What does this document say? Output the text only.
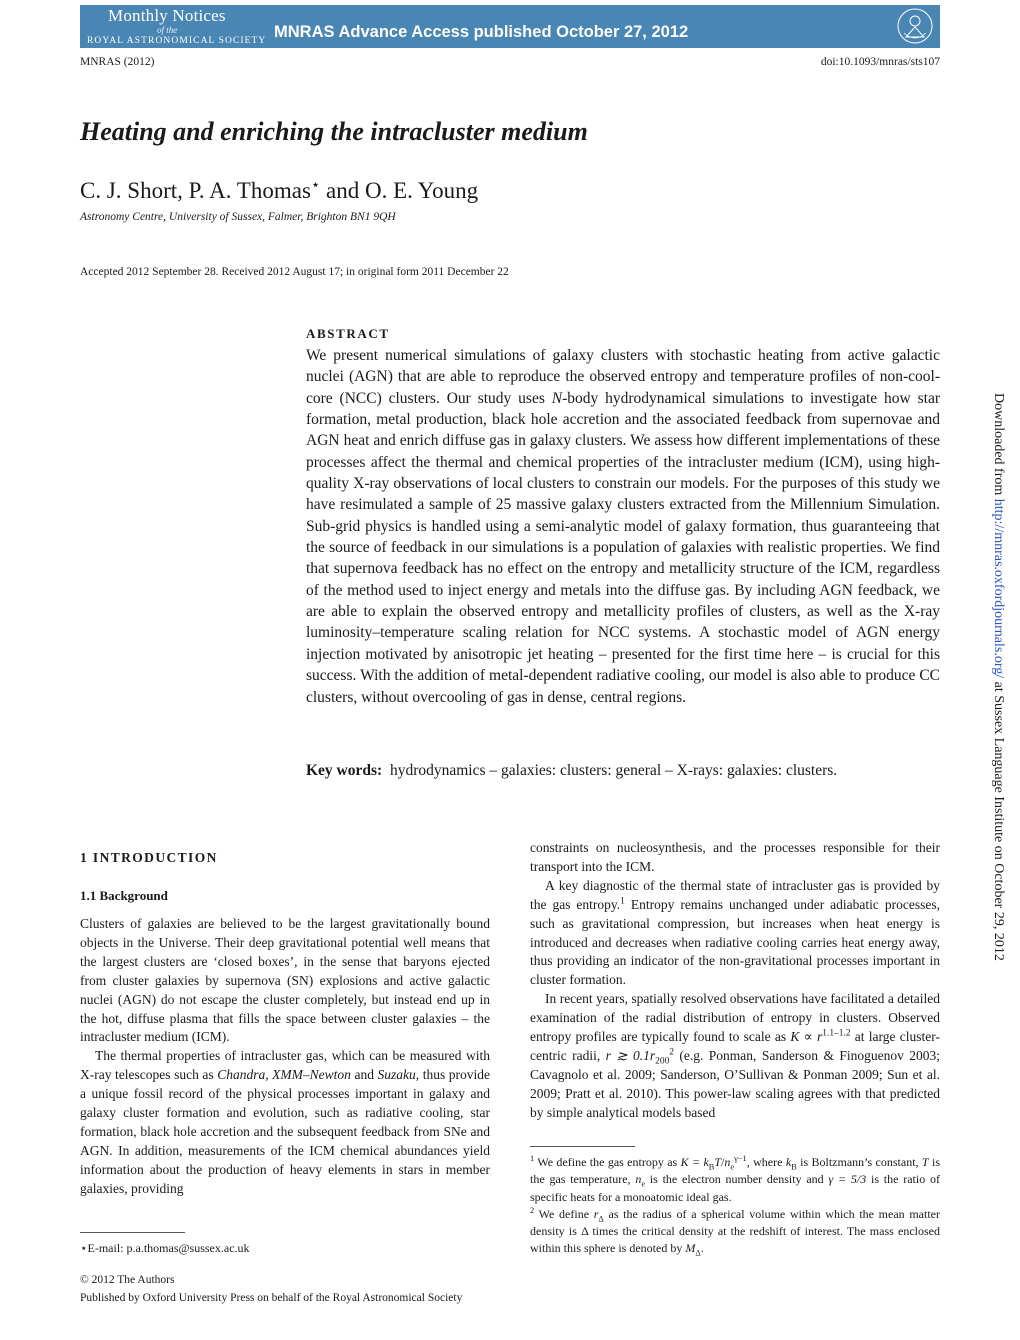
Monthly Notices
of the
ROYAL ASTRONOMICAL SOCIETY MNRAS Advance Access published October 27, 2012
MNRAS (2012)	doi:10.1093/mnras/sts107
Heating and enriching the intracluster medium
C. J. Short, P. A. Thomas⋆ and O. E. Young
Astronomy Centre, University of Sussex, Falmer, Brighton BN1 9QH
Accepted 2012 September 28. Received 2012 August 17; in original form 2011 December 22
ABSTRACT
We present numerical simulations of galaxy clusters with stochastic heating from active galactic nuclei (AGN) that are able to reproduce the observed entropy and temperature profiles of non-cool-core (NCC) clusters. Our study uses N-body hydrodynamical simulations to investigate how star formation, metal production, black hole accretion and the associated feedback from supernovae and AGN heat and enrich diffuse gas in galaxy clusters. We assess how different implementations of these processes affect the thermal and chemical properties of the intracluster medium (ICM), using high-quality X-ray observations of local clusters to constrain our models. For the purposes of this study we have resimulated a sample of 25 massive galaxy clusters extracted from the Millennium Simulation. Sub-grid physics is handled using a semi-analytic model of galaxy formation, thus guaranteeing that the source of feedback in our simulations is a population of galaxies with realistic properties. We find that supernova feedback has no effect on the entropy and metallicity structure of the ICM, regardless of the method used to inject energy and metals into the diffuse gas. By including AGN feedback, we are able to explain the observed entropy and metallicity profiles of clusters, as well as the X-ray luminosity–temperature scaling relation for NCC systems. A stochastic model of AGN energy injection motivated by anisotropic jet heating – presented for the first time here – is crucial for this success. With the addition of metal-dependent radiative cooling, our model is also able to produce CC clusters, without overcooling of gas in dense, central regions.
Key words: hydrodynamics – galaxies: clusters: general – X-rays: galaxies: clusters.
1 INTRODUCTION
1.1 Background

Clusters of galaxies are believed to be the largest gravitationally bound objects in the Universe. Their deep gravitational potential well means that the largest clusters are ‘closed boxes’, in the sense that baryons ejected from cluster galaxies by supernova (SN) explosions and active galactic nuclei (AGN) do not escape the cluster completely, but instead end up in the hot, diffuse plasma that fills the space between cluster galaxies – the intracluster medium (ICM).

The thermal properties of intracluster gas, which can be measured with X-ray telescopes such as Chandra, XMM–Newton and Suzaku, thus provide a unique fossil record of the physical processes important in galaxy and galaxy cluster formation and evolution, such as radiative cooling, star formation, black hole accretion and the subsequent feedback from SNe and AGN. In addition, measurements of the ICM chemical abundances yield information about the production of heavy elements in stars in member galaxies, providing

⋆E-mail: p.a.thomas@sussex.ac.uk

constraints on nucleosynthesis, and the processes responsible for their transport into the ICM.

A key diagnostic of the thermal state of intracluster gas is provided by the gas entropy.$^1$ Entropy remains unchanged under adiabatic processes, such as gravitational compression, but increases when heat energy is introduced and decreases when radiative cooling carries heat energy away, thus providing an indicator of the non-gravitational processes important in cluster formation.

In recent years, spatially resolved observations have facilitated a detailed examination of the radial distribution of entropy in clusters. Observed entropy profiles are typically found to scale as $K \propto r^{1.1-1.2}$ at large cluster-centric radii, r ≳ $0.1r_{200}^2$ (e.g. Ponman, Sanderson & Finoguenov 2003; Cavagnolo et al. 2009; Sanderson, O’Sullivan & Ponman 2009; Sun et al. 2009; Pratt et al. 2010). This power-law scaling agrees with that predicted by simple analytical models based

$^1$ We define the gas entropy as $K = k_BT/n_e^{\gamma-1}$, where $k_B$ is Boltzmann’s constant, T is the gas temperature, $n_e$ is the electron number density and γ = 5/3 is the ratio of specific heats for a monoatomic ideal gas.

$^2$ We define $r_\Delta$ as the radius of a spherical volume within which the mean matter density is Δ times the critical density at the redshift of interest. The mass enclosed within this sphere is denoted by $M_\Delta$.

© 2012 The Authors
Published by Oxford University Press on behalf of the Royal Astronomical Society
Downloaded from http://mnras.oxfordjournals.org/ at Sussex Language Institute on October 29, 2012
